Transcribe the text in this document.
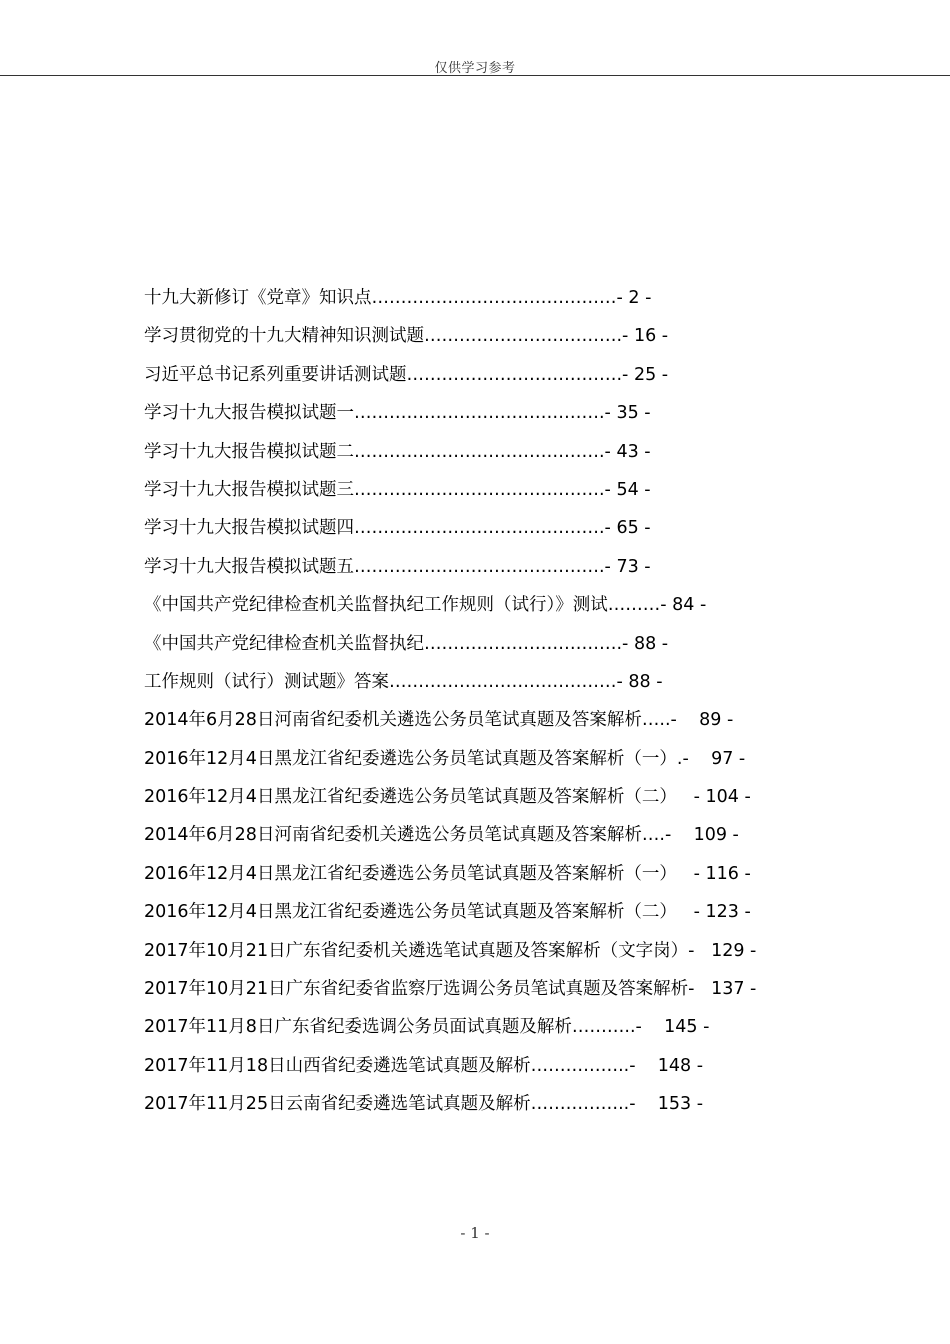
仅供学习参考
十九大新修订《党章》知识点……………………………………- 2 -
学习贯彻党的十九大精神知识测试题…………………………….- 16 -
习近平总书记系列重要讲话测试题……………………………….- 25 -
学习十九大报告模拟试题一…………………………………….- 35 -
学习十九大报告模拟试题二…………………………………….- 43 -
学习十九大报告模拟试题三…………………………………….- 54 -
学习十九大报告模拟试题四…………………………………….- 65 -
学习十九大报告模拟试题五…………………………………….- 73 -
《中国共产党纪律检查机关监督执纪工作规则（试行）》测试………- 84 -
《中国共产党纪律检查机关监督执纪…………………………….- 88 -
工作规则（试行）测试题》答案…………………………………- 88 -
2014年6月28日河南省纪委机关遴选公务员笔试真题及答案解析…..-    89 -
2016年12月4日黑龙江省纪委遴选公务员笔试真题及答案解析（一）.-    97 -
2016年12月4日黑龙江省纪委遴选公务员笔试真题及答案解析（二）   - 104 -
2014年6月28日河南省纪委机关遴选公务员笔试真题及答案解析….-    109 -
2016年12月4日黑龙江省纪委遴选公务员笔试真题及答案解析（一）   - 116 -
2016年12月4日黑龙江省纪委遴选公务员笔试真题及答案解析（二）   - 123 -
2017年10月21日广东省纪委机关遴选笔试真题及答案解析（文字岗）-   129 -
2017年10月21日广东省纪委省监察厅选调公务员笔试真题及答案解析-   137 -
2017年11月8日广东省纪委选调公务员面试真题及解析………..-    145 -
2017年11月18日山西省纪委遴选笔试真题及解析……………..-    148 -
2017年11月25日云南省纪委遴选笔试真题及解析……………..-    153 -
- 1 -
